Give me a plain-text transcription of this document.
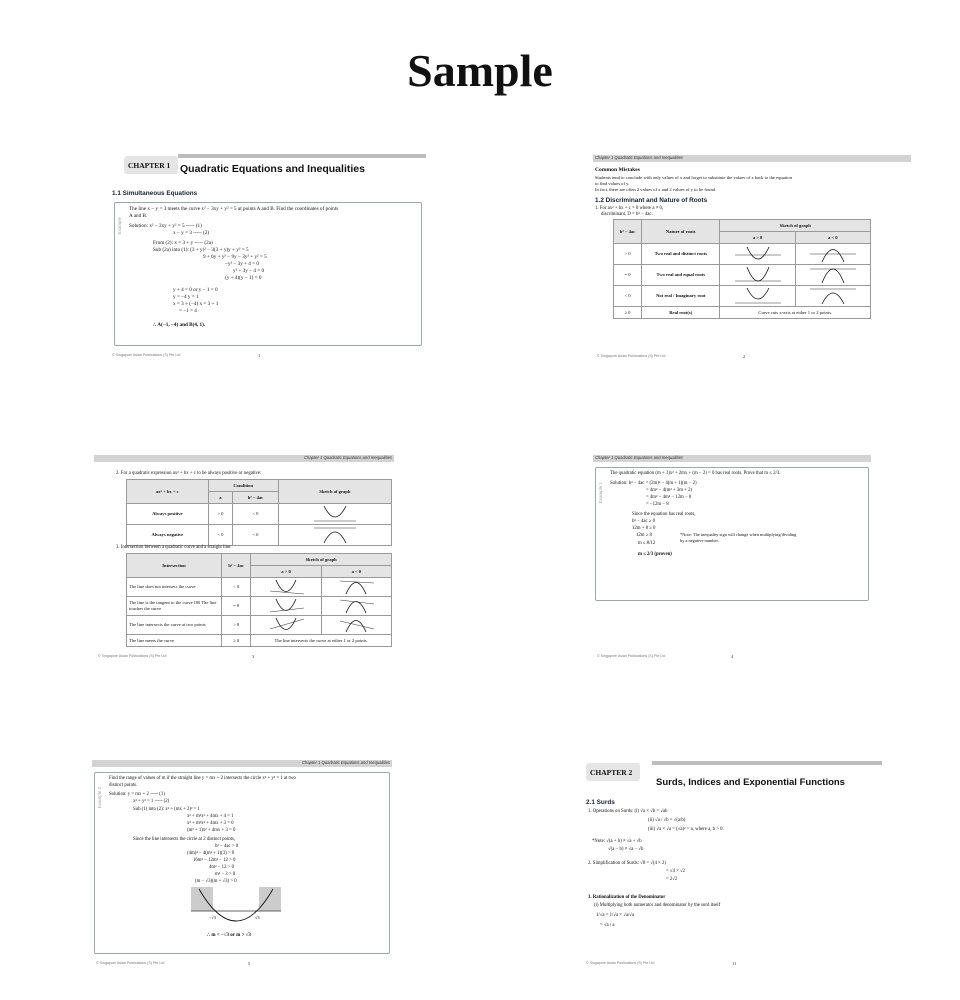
Sample
CHAPTER 1 Quadratic Equations and Inequalities
1.1 Simultaneous Equations
Example
The line x − y = 3 meets the curve x² − 3xy + y² = 5 at points A and B. Find the coordinates of points
A and B.
Solution: x² − 3xy + y² = 5 ----- (1)
x − y = 3 ----- (2)
From (2): x = 3 + y ----- (2a)
Sub (2a) into (1): (3 + y)² − 3(3 + y)y + y² = 5
9 + 6y + y² − 9y − 3y² + y² = 5
−y² − 3y + 4 = 0
y² + 3y − 4 = 0
(y + 4)(y − 1) = 0
y + 4 = 0 or y − 1 = 0
y = −4 y = 1
x = 3 + (−4) x = 3 + 1
= −1 = 4
∴ A(−1, −4) and B(4, 1).
© Singapore Asian Publications (S) Pte Ltd	1
Chapter 1 Quadratic Equations and Inequalities
Common Mistakes
Students tend to conclude with only values of x and forget to substitute the values of x back to the equation
to find values of y.
In fact, there are often 2 values of x and 2 values of y to be found.
1.2 Discriminant and Nature of Roots
1. For ax² + bx + c = 0 where a ≠ 0,
discriminant, D = b² − 4ac.
b² − 4ac	Nature of roots	Sketch of graph	
		a > 0	a < 0
> 0	Two real and distinct roots	

= 0	Two real and equal roots	

< 0	Not real / Imaginary root	

≥ 0	Real root(s)	Curve cuts x-axis at either 1 or 2 points.	
© Singapore Asian Publications (S) Pte Ltd	2
Chapter 1 Quadratic Equations and Inequalities
2. For a quadratic expression ax² + bx + c to be always positive or negative:
ax² + bx + c	Condition		Sketch of graph
	a	b² − 4ac	
Always positive	> 0	< 0	

Always negative	< 0	< 0	
3. Intersection between a quadratic curve and a straight line:
Intersection	b² − 4ac	Sketch of graph	
		a > 0	a < 0
The line does not intersect the curve	< 0	

The line is the tangent to the curve OR The line touches the curve	= 0	

The line intersects the curve at two points	> 0	

The line meets the curve	≥ 0	The line intersects the curve at either 1 or 2 points.	
© Singapore Asian Publications (S) Pte Ltd	3
Chapter 1 Quadratic Equations and Inequalities
Example 1
The quadratic equation (m + 1)x² + 2mx + (m − 2) = 0 has real roots. Prove that m ≤ 2/3.
Solution: b² − 4ac = (2m)² − 4(m + 1)(m − 2)
= 4m² − 4(m² + 3m + 2)
= 4m² − 4m² − 12m − 8
= −12m − 8
Since the equation has real roots,
b² − 4ac ≥ 0
12m + 8 ≥ 0
12m ≥ 8
m ≤ 8/12
m ≤ 2/3 (proven)
*Note: The inequality sign will change when multiplying/dividing by a negative number.
© Singapore Asian Publications (S) Pte Ltd	4
Chapter 1 Quadratic Equations and Inequalities
Example 2
Find the range of values of m if the straight line y = mx + 2 intersects the circle x² + y² = 1 at two
distinct points.
Solution: y = mx + 2 ----- (1)
x² + y² = 1 ----- (2)
Sub (1) into (2): x² + (mx + 2)² = 1
x² + m²x² + 4mx + 4 = 1
x² + m²x² + 4mx + 3 = 0
(m² + 1)x² + 4mx + 3 = 0
Since the line intersects the circle at 2 distinct points,
b² − 4ac > 0
(4m)² − 4(m² + 1)(3) > 0
16m² − 12m² − 12 > 0
4m² − 12 > 0
m² − 3 > 0
(m − √3)(m + √3) > 0
−√3	√3
∴ m < −√3 or m > √3
© Singapore Asian Publications (S) Pte Ltd	5
CHAPTER 2
Surds, Indices and Exponential Functions
2.1 Surds
1. Operations on Surds: (i) √a × √b = √ab
(ii) √a / √b = √(a/b)
(iii) √a × √a = (√a)² = a, where a, b > 0.
*Note: √(a + b) ≠ √a + √b
√(a − b) ≠ √a − √b
2. Simplification of Surds: √8 = √(4 × 2)
= √4 × √2
= 2√2
3. Rationalization of the Denominator
(i) Multiplying both numerator and denominator by the surd itself
1/√a = 1/√a × √a/√a
= √a / a
© Singapore Asian Publications (S) Pte Ltd	11
